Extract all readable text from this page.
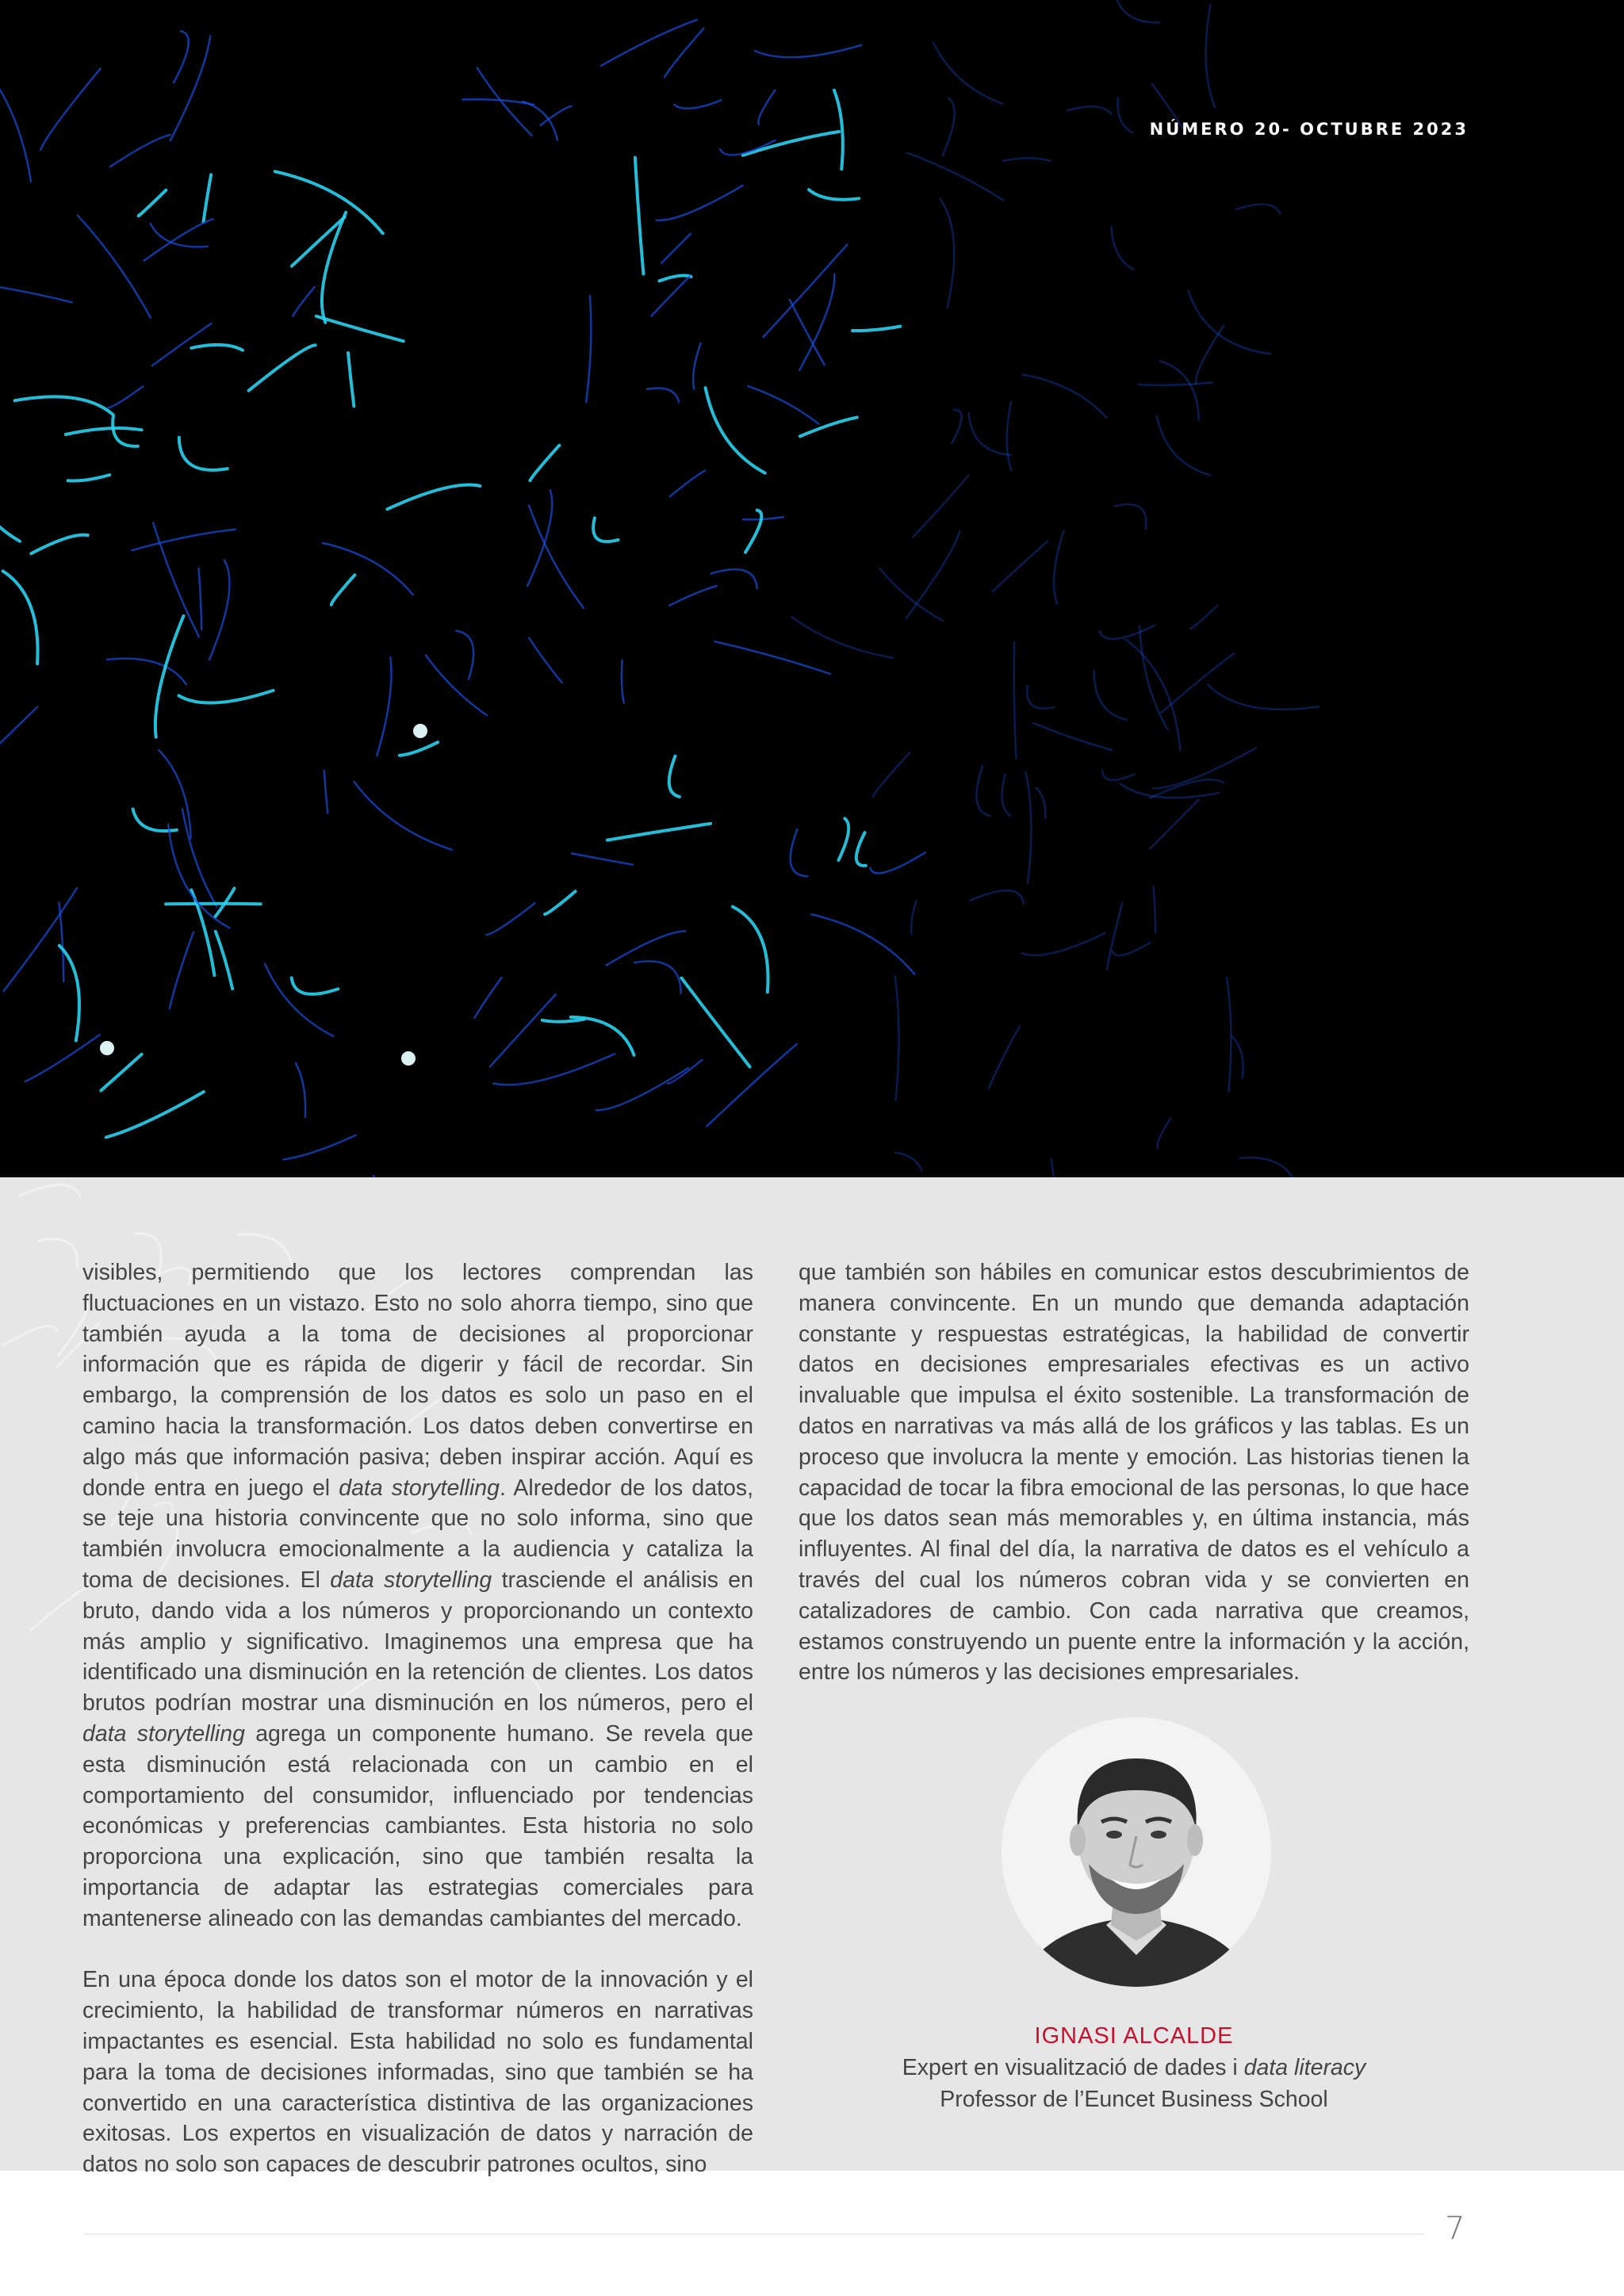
NÚMERO 20- OCTUBRE 2023

visibles, permitiendo que los lectores comprendan las fluctuaciones en un vistazo. Esto no solo ahorra tiempo, sino que también ayuda a la toma de decisiones al proporcionar información que es rápida de digerir y fácil de recordar. Sin embargo, la comprensión de los datos es solo un paso en el camino hacia la transformación. Los datos deben convertirse en algo más que información pasiva; deben inspirar acción. Aquí es donde entra en juego el data storytelling. Alrededor de los datos, se teje una historia convincente que no solo informa, sino que también involucra emocionalmente a la audiencia y cataliza la toma de decisiones. El data storytelling trasciende el análisis en bruto, dando vida a los números y proporcionando un contexto más amplio y significativo. Imaginemos una empresa que ha identificado una disminución en la retención de clientes. Los datos brutos podrían mostrar una disminución en los números, pero el data storytelling agrega un componente humano. Se revela que esta disminución está relacionada con un cambio en el comportamiento del consumidor, influenciado por tendencias económicas y preferencias cambiantes. Esta historia no solo proporciona una explicación, sino que también resalta la importancia de adaptar las estrategias comerciales para mantenerse alineado con las demandas cambiantes del mercado.

En una época donde los datos son el motor de la innovación y el crecimiento, la habilidad de transformar números en narrativas impactantes es esencial. Esta habilidad no solo es fundamental para la toma de decisiones informadas, sino que también se ha convertido en una característica distintiva de las organizaciones exitosas. Los expertos en visualización de datos y narración de datos no solo son capaces de descubrir patrones ocultos, sino

que también son hábiles en comunicar estos descubrimientos de manera convincente. En un mundo que demanda adaptación constante y respuestas estratégicas, la habilidad de convertir datos en decisiones empresariales efectivas es un activo invaluable que impulsa el éxito sostenible. La transformación de datos en narrativas va más allá de los gráficos y las tablas. Es un proceso que involucra la mente y emoción. Las historias tienen la capacidad de tocar la fibra emocional de las personas, lo que hace que los datos sean más memorables y, en última instancia, más influyentes. Al final del día, la narrativa de datos es el vehículo a través del cual los números cobran vida y se convierten en catalizadores de cambio. Con cada narrativa que creamos, estamos construyendo un puente entre la información y la acción, entre los números y las decisiones empresariales.

IGNASI ALCALDE
Expert en visualització de dades i data literacy
Professor de l’Euncet Business School
7
